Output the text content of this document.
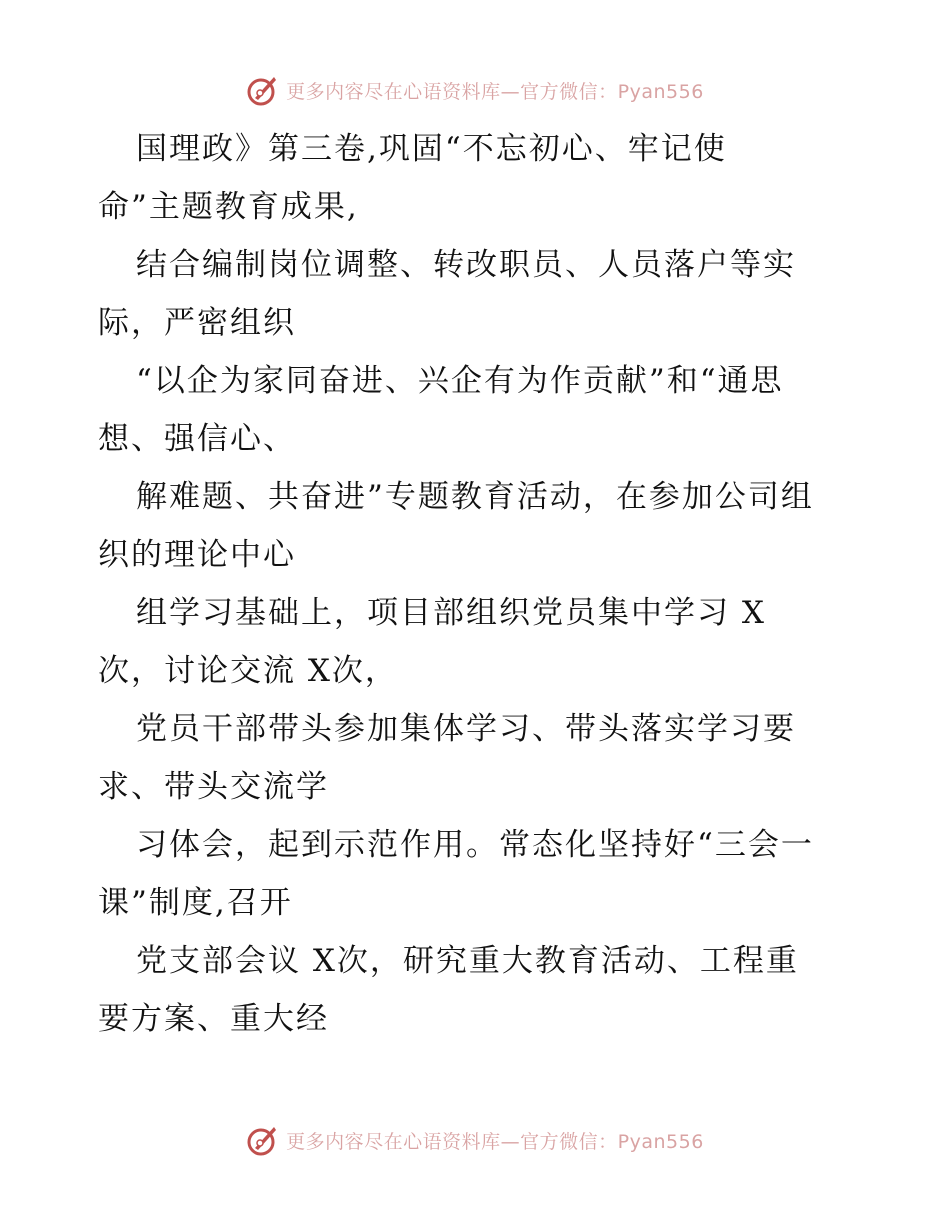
更多内容尽在心语资料库—官方微信：Pyan556
国理政》第三卷,巩固“不忘初心、牢记使
命”主题教育成果,
结合编制岗位调整、转改职员、人员落户等实
际，严密组织
“以企为家同奋进、兴企有为作贡献”和“通思
想、强信心、
解难题、共奋进”专题教育活动，在参加公司组
织的理论中心
组学习基础上，项目部组织党员集中学习 X
次，讨论交流 X次，
党员干部带头参加集体学习、带头落实学习要
求、带头交流学
习体会，起到示范作用。常态化坚持好“三会一
课”制度,召开
党支部会议 X次，研究重大教育活动、工程重
要方案、重大经
更多内容尽在心语资料库—官方微信：Pyan556
